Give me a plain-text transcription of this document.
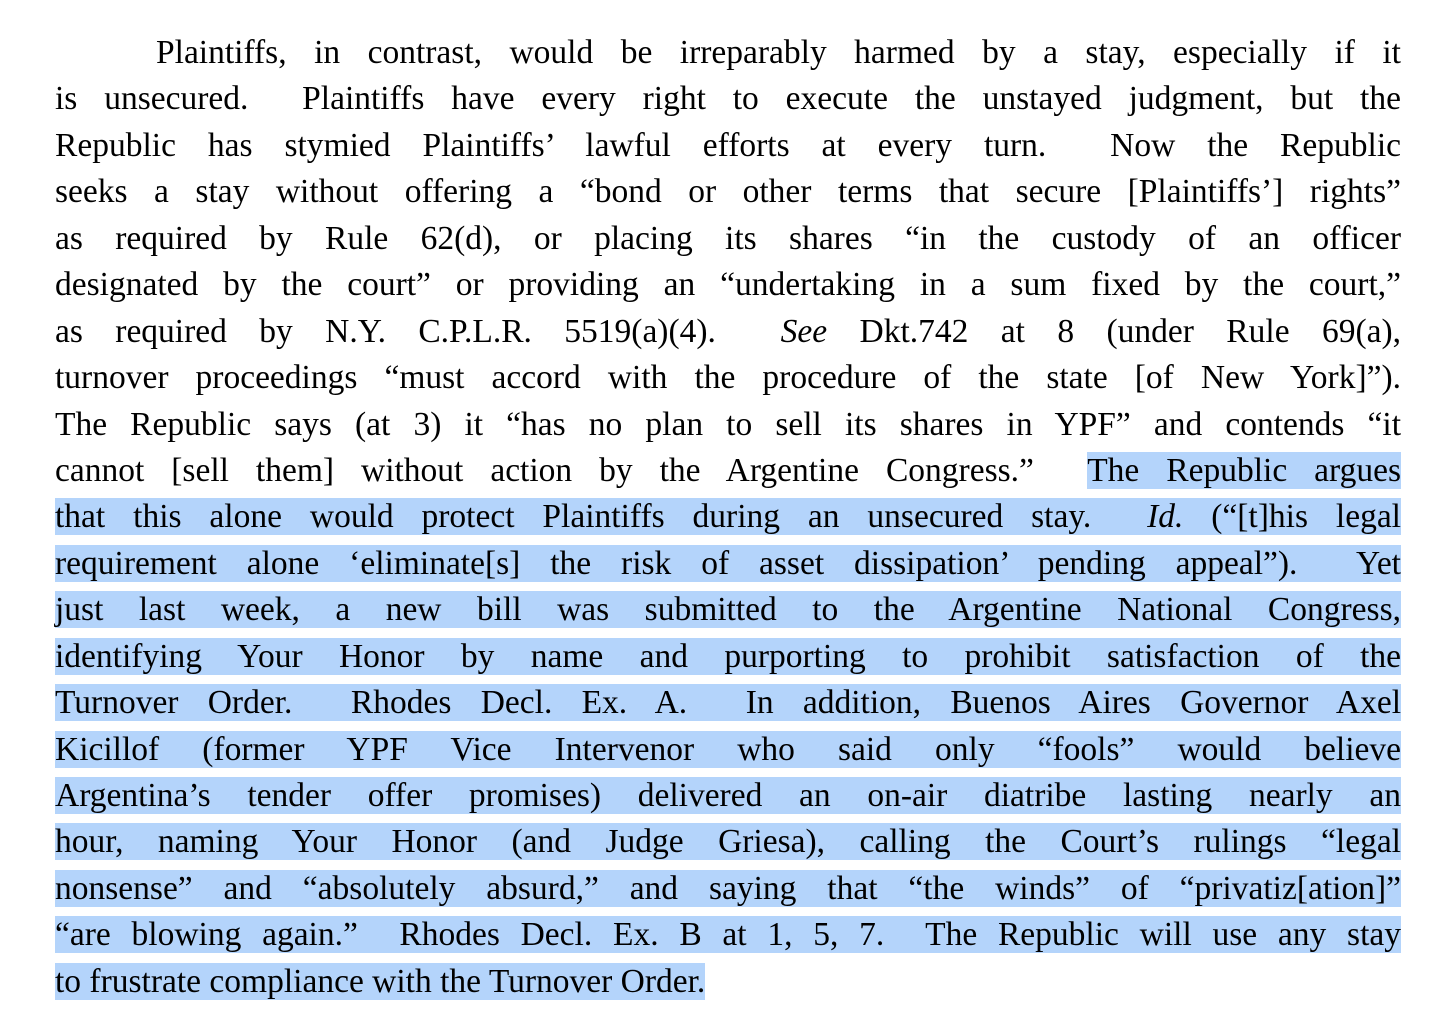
Plaintiffs, in contrast, would be irreparably harmed by a stay, especially if it
is unsecured.  Plaintiffs have every right to execute the unstayed judgment, but the
Republic has stymied Plaintiffs’ lawful efforts at every turn.  Now the Republic
seeks a stay without offering a “bond or other terms that secure [Plaintiffs’] rights”
as required by Rule 62(d), or placing its shares “in the custody of an officer
designated by the court” or providing an “undertaking in a sum fixed by the court,”
as required by N.Y. C.P.L.R. 5519(a)(4).  See Dkt.742 at 8 (under Rule 69(a),
turnover proceedings “must accord with the procedure of the state [of New York]”).
The Republic says (at 3) it “has no plan to sell its shares in YPF” and contends “it
cannot [sell them] without action by the Argentine Congress.”  The Republic argues
that this alone would protect Plaintiffs during an unsecured stay.  Id. (“[t]his legal
requirement alone ‘eliminate[s] the risk of asset dissipation’ pending appeal”).  Yet
just last week, a new bill was submitted to the Argentine National Congress,
identifying Your Honor by name and purporting to prohibit satisfaction of the
Turnover Order.  Rhodes Decl. Ex. A.  In addition, Buenos Aires Governor Axel
Kicillof (former YPF Vice Intervenor who said only “fools” would believe
Argentina’s tender offer promises) delivered an on-air diatribe lasting nearly an
hour, naming Your Honor (and Judge Griesa), calling the Court’s rulings “legal
nonsense” and “absolutely absurd,” and saying that “the winds” of “privatiz[ation]”
“are blowing again.”  Rhodes Decl. Ex. B at 1, 5, 7.  The Republic will use any stay
to frustrate compliance with the Turnover Order.
